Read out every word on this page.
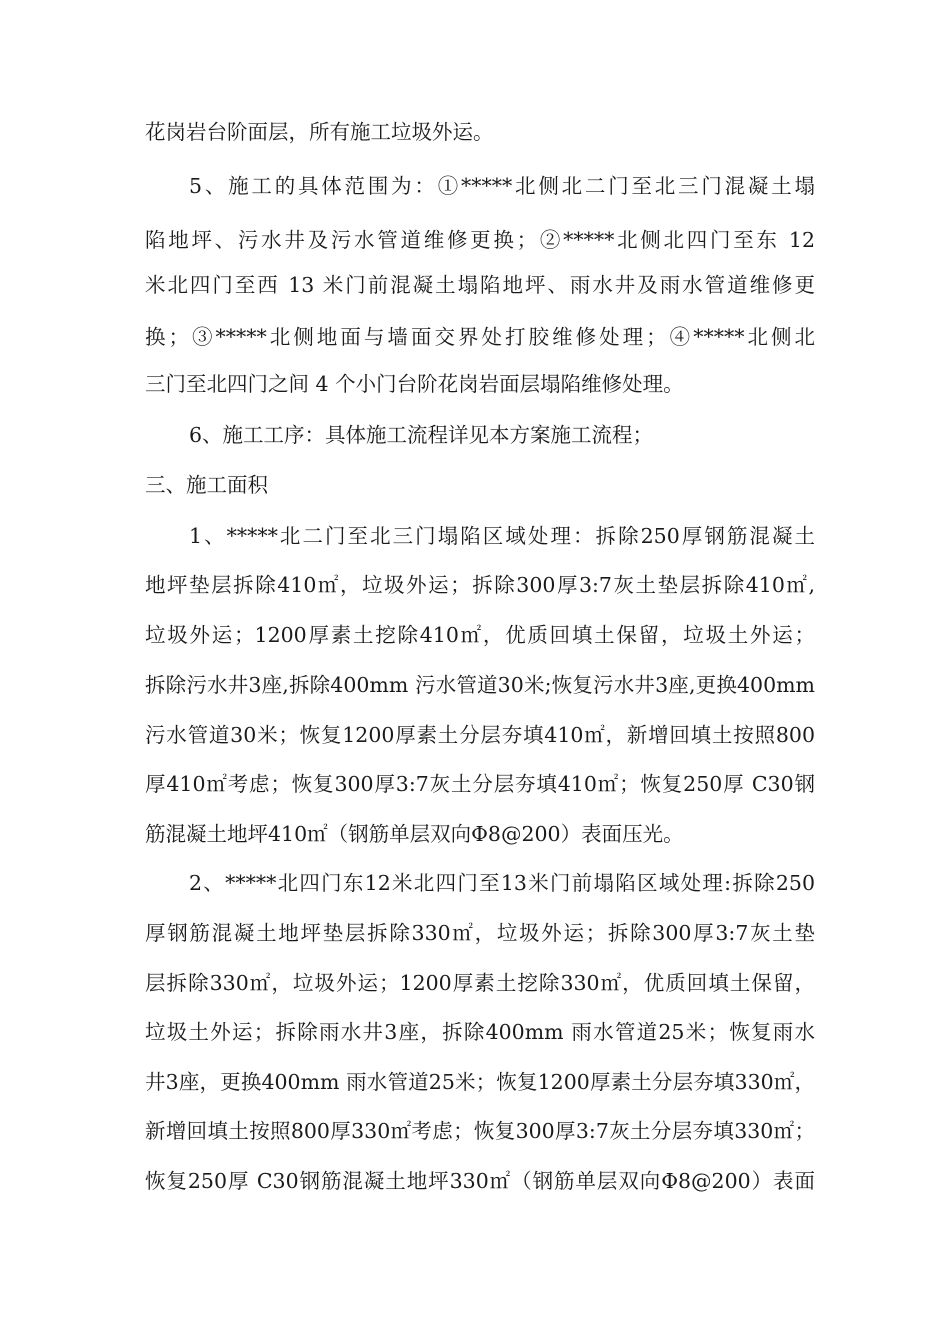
花岗岩台阶面层，所有施工垃圾外运。
5、施工的具体范围为：①*****北侧北二门至北三门混凝土塌
陷地坪、污水井及污水管道维修更换；②*****北侧北四门至东 12
米北四门至西 13 米门前混凝土塌陷地坪、雨水井及雨水管道维修更
换；③*****北侧地面与墙面交界处打胶维修处理；④*****北侧北
三门至北四门之间 4 个小门台阶花岗岩面层塌陷维修处理。
6、施工工序：具体施工流程详见本方案施工流程；
三、施工面积
1、*****北二门至北三门塌陷区域处理：拆除250厚钢筋混凝土
地坪垫层拆除410㎡，垃圾外运；拆除300厚3:7灰土垫层拆除410㎡,
垃圾外运；1200厚素土挖除410㎡，优质回填土保留，垃圾土外运；
拆除污水井3座,拆除400mm 污水管道30米;恢复污水井3座,更换400mm
污水管道30米；恢复1200厚素土分层夯填410㎡，新增回填土按照800
厚410㎡考虑；恢复300厚3:7灰土分层夯填410㎡；恢复250厚 C30钢
筋混凝土地坪410㎡（钢筋单层双向Φ8@200）表面压光。
2、*****北四门东12米北四门至13米门前塌陷区域处理:拆除250
厚钢筋混凝土地坪垫层拆除330㎡，垃圾外运；拆除300厚3:7灰土垫
层拆除330㎡，垃圾外运；1200厚素土挖除330㎡，优质回填土保留，
垃圾土外运；拆除雨水井3座，拆除400mm 雨水管道25米；恢复雨水
井3座，更换400mm 雨水管道25米；恢复1200厚素土分层夯填330㎡，
新增回填土按照800厚330㎡考虑；恢复300厚3:7灰土分层夯填330㎡；
恢复250厚 C30钢筋混凝土地坪330㎡（钢筋单层双向Φ8@200）表面
